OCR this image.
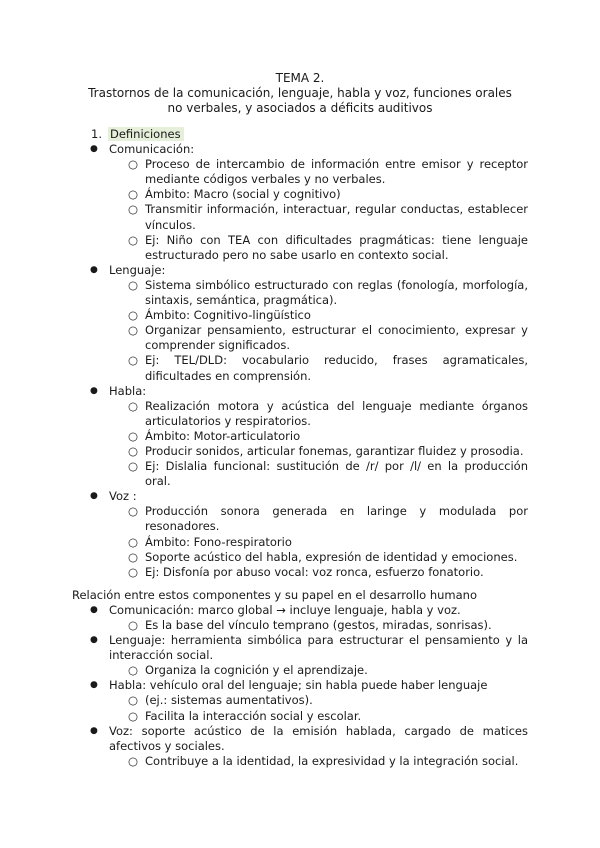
TEMA 2.
Trastornos de la comunicación, lenguaje, habla y voz, funciones orales no verbales, y asociados a déficits auditivos
1. Definiciones
● Comunicación:
○ Proceso de intercambio de información entre emisor y receptor mediante códigos verbales y no verbales.
○ Ámbito: Macro (social y cognitivo)
○ Transmitir información, interactuar, regular conductas, establecer vínculos.
○ Ej: Niño con TEA con dificultades pragmáticas: tiene lenguaje estructurado pero no sabe usarlo en contexto social.
● Lenguaje:
○ Sistema simbólico estructurado con reglas (fonología, morfología, sintaxis, semántica, pragmática).
○ Ámbito: Cognitivo-lingüístico
○ Organizar pensamiento, estructurar el conocimiento, expresar y comprender significados.
○ Ej: TEL/DLD: vocabulario reducido, frases agramaticales, dificultades en comprensión.
● Habla:
○ Realización motora y acústica del lenguaje mediante órganos articulatorios y respiratorios.
○ Ámbito: Motor-articulatorio
○ Producir sonidos, articular fonemas, garantizar fluidez y prosodia.
○ Ej: Dislalia funcional: sustitución de /r/ por /l/ en la producción oral.
● Voz :
○ Producción sonora generada en laringe y modulada por resonadores.
○ Ámbito: Fono-respiratorio
○ Soporte acústico del habla, expresión de identidad y emociones.
○ Ej: Disfonía por abuso vocal: voz ronca, esfuerzo fonatorio.
Relación entre estos componentes y su papel en el desarrollo humano
● Comunicación: marco global → incluye lenguaje, habla y voz.
○ Es la base del vínculo temprano (gestos, miradas, sonrisas).
● Lenguaje: herramienta simbólica para estructurar el pensamiento y la interacción social.
○ Organiza la cognición y el aprendizaje.
● Habla: vehículo oral del lenguaje; sin habla puede haber lenguaje
○ (ej.: sistemas aumentativos).
○ Facilita la interacción social y escolar.
● Voz: soporte acústico de la emisión hablada, cargado de matices afectivos y sociales.
○ Contribuye a la identidad, la expresividad y la integración social.
